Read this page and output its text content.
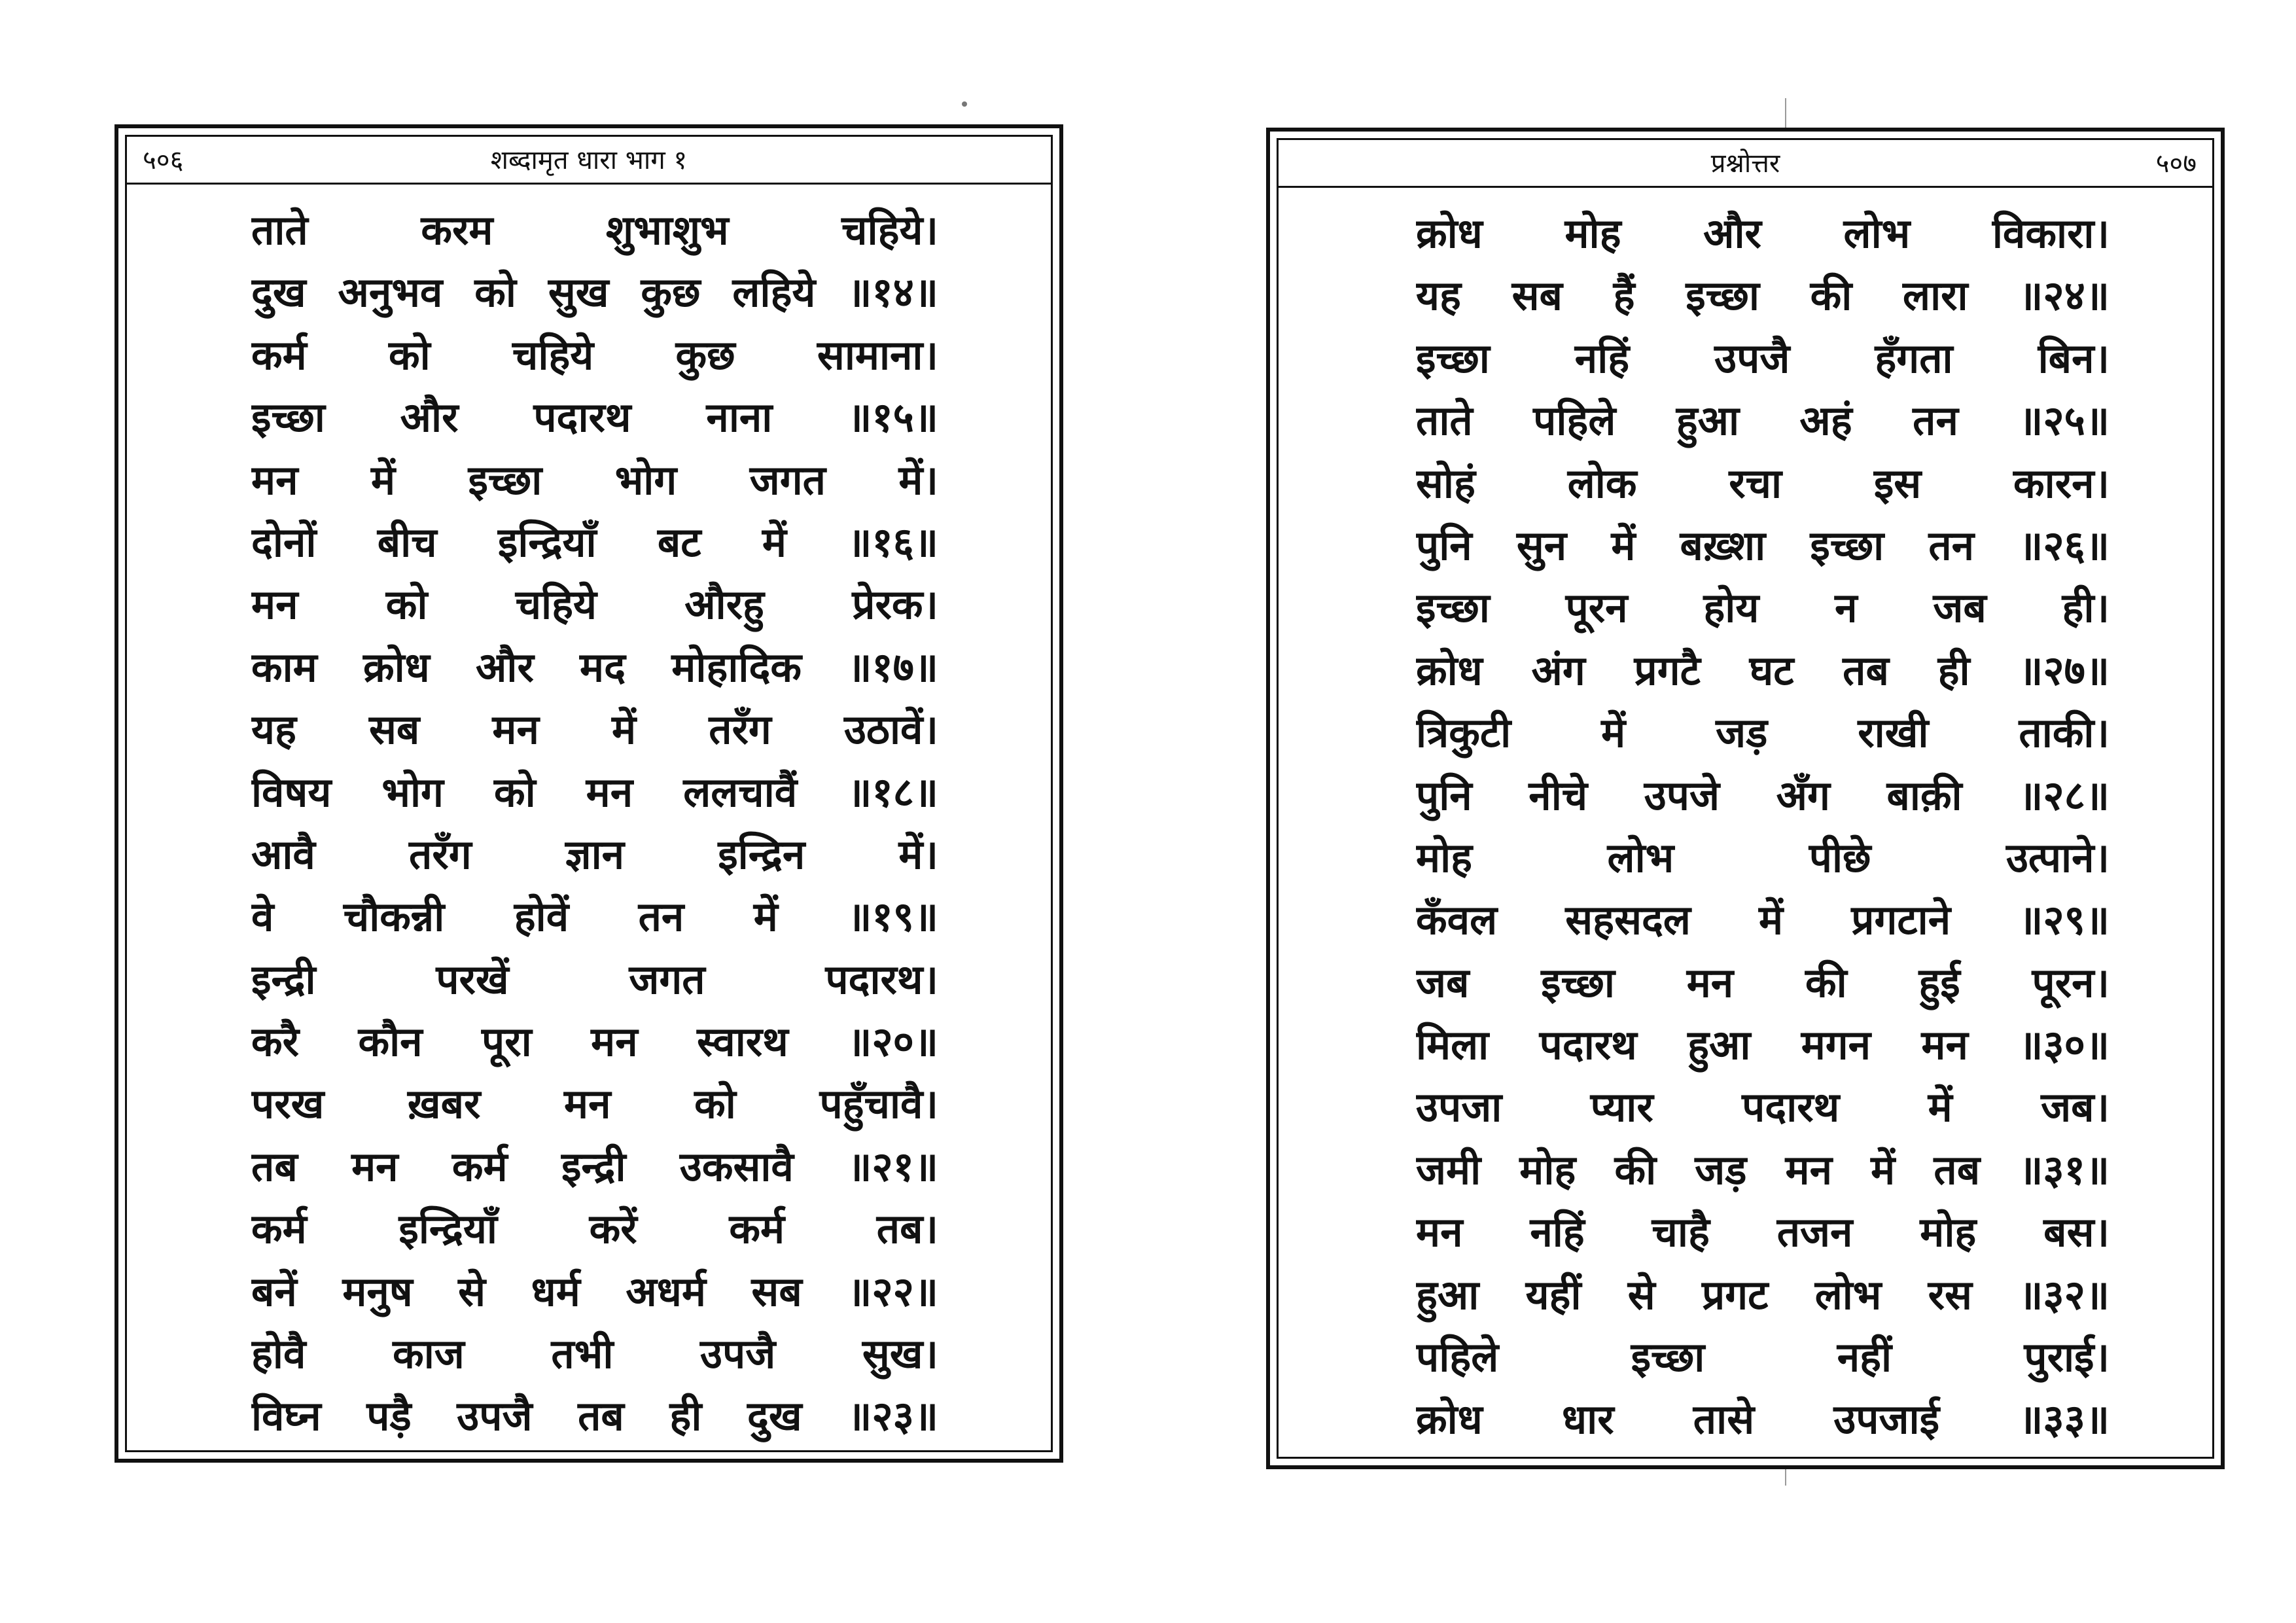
५०६	शब्दामृत धारा भाग १
ताते करम शुभाशुभ चहिये।
दुख अनुभव को सुख कुछ लहिये ॥१४॥
कर्म को चहिये कुछ सामाना।
इच्छा और पदारथ नाना ॥१५॥
मन में इच्छा भोग जगत में।
दोनों बीच इन्द्रियाँ बट में ॥१६॥
मन को चहिये औरहु प्रेरक।
काम क्रोध और मद मोहादिक ॥१७॥
यह सब मन में तरँग उठावें।
विषय भोग को मन ललचावैं ॥१८॥
आवै तरँग ज्ञान इन्द्रिन में।
वे चौकन्नी होवें तन में ॥१९॥
इन्द्री परखें जगत पदारथ।
करै कौन पूरा मन स्वारथ ॥२०॥
परख ख़बर मन को पहुँचावै।
तब मन कर्म इन्द्री उकसावै ॥२१॥
कर्म इन्द्रियाँ करें कर्म तब।
बनें मनुष से धर्म अधर्म सब ॥२२॥
होवै काज तभी उपजै सुख।
विघ्न पड़ै उपजै तब ही दुख ॥२३॥
प्रश्नोत्तर	५०७
क्रोध मोह और लोभ विकारा।
यह सब हैं इच्छा की लारा ॥२४॥
इच्छा नहिं उपजै हँगता बिन।
ताते पहिले हुआ अहं तन ॥२५॥
सोहं लोक रचा इस कारन।
पुनि सुन में बख़्शा इच्छा तन ॥२६॥
इच्छा पूरन होय न जब ही।
क्रोध अंग प्रगटै घट तब ही ॥२७॥
त्रिकुटी में जड़ राखी ताकी।
पुनि नीचे उपजे अँग बाक़ी ॥२८॥
मोह लोभ पीछे उत्पाने।
कँवल सहसदल में प्रगटाने ॥२९॥
जब इच्छा मन की हुई पूरन।
मिला पदारथ हुआ मगन मन ॥३०॥
उपजा प्यार पदारथ में जब।
जमी मोह की जड़ मन में तब ॥३१॥
मन नहिं चाहै तजन मोह बस।
हुआ यहीं से प्रगट लोभ रस ॥३२॥
पहिले इच्छा नहीं पुराई।
क्रोध धार तासे उपजाई ॥३३॥
